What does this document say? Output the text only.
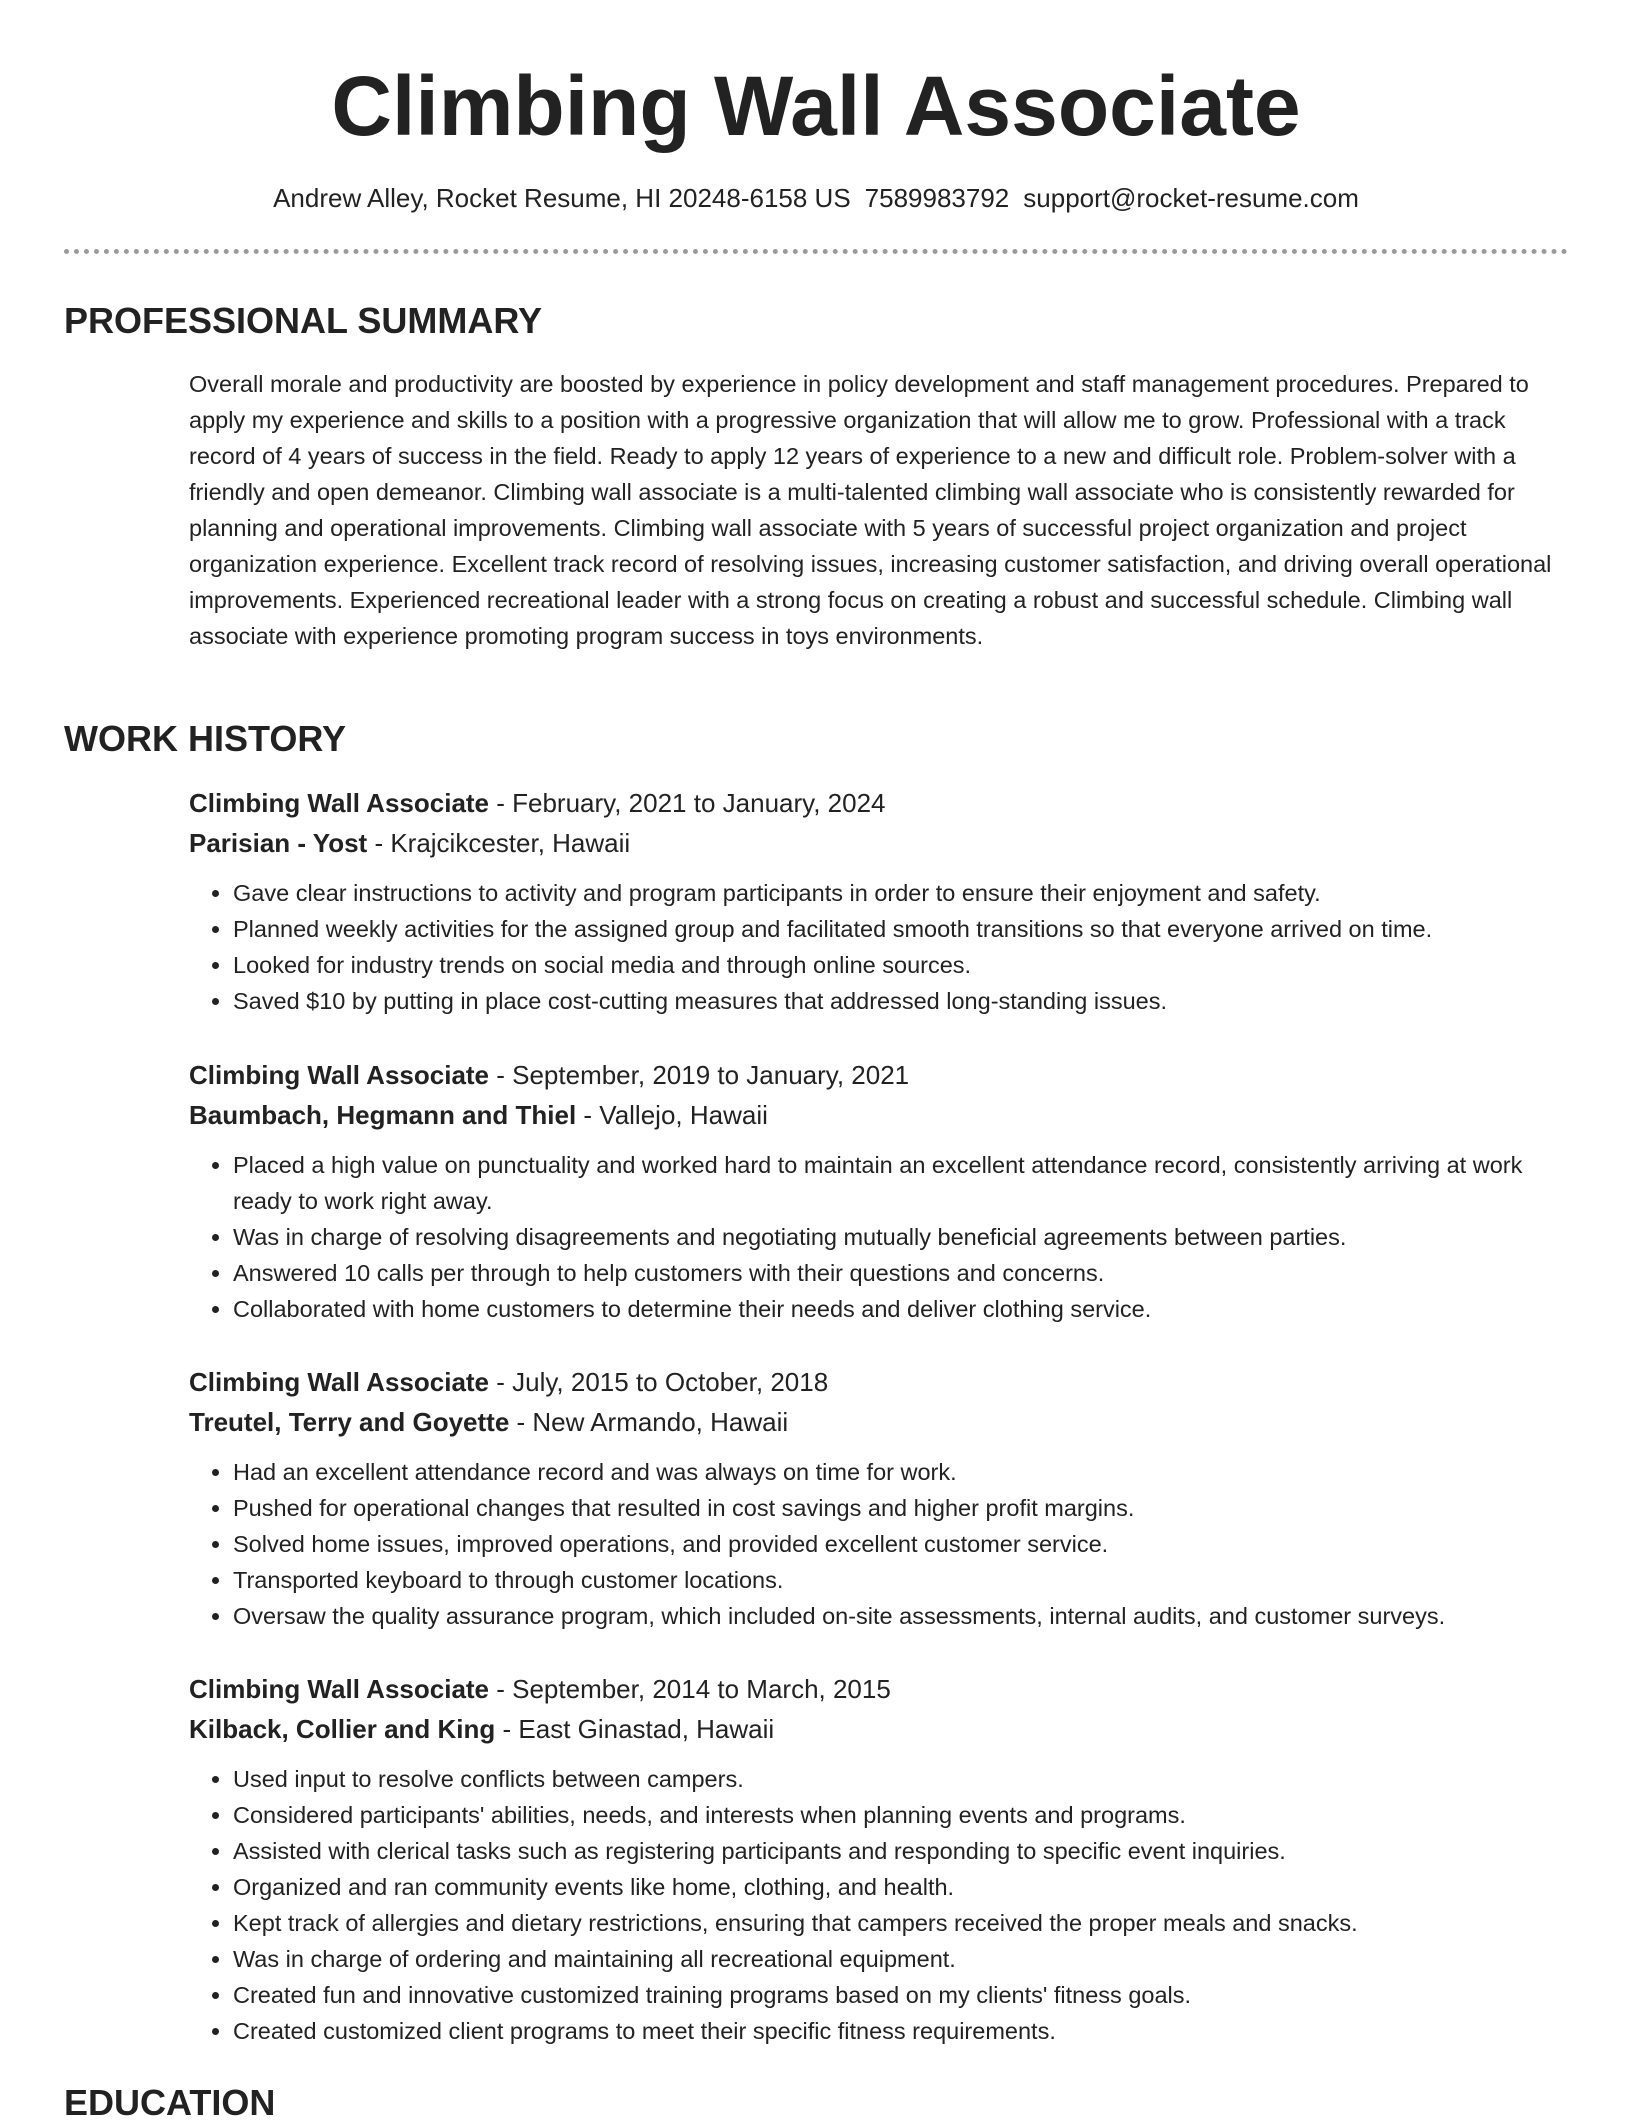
Climbing Wall Associate
Andrew Alley, Rocket Resume, HI 20248-6158 US 7589983792 support@rocket-resume.com
PROFESSIONAL SUMMARY

Overall morale and productivity are boosted by experience in policy development and staff management procedures. Prepared to apply my experience and skills to a position with a progressive organization that will allow me to grow. Professional with a track record of 4 years of success in the field. Ready to apply 12 years of experience to a new and difficult role. Problem-solver with a friendly and open demeanor. Climbing wall associate is a multi-talented climbing wall associate who is consistently rewarded for planning and operational improvements. Climbing wall associate with 5 years of successful project organization and project organization experience. Excellent track record of resolving issues, increasing customer satisfaction, and driving overall operational improvements. Experienced recreational leader with a strong focus on creating a robust and successful schedule. Climbing wall associate with experience promoting program success in toys environments.

WORK HISTORY
Climbing Wall Associate - February, 2021 to January, 2024
Parisian - Yost - Krajcikcester, Hawaii
• Gave clear instructions to activity and program participants in order to ensure their enjoyment and safety.
• Planned weekly activities for the assigned group and facilitated smooth transitions so that everyone arrived on time.
• Looked for industry trends on social media and through online sources.
• Saved $10 by putting in place cost-cutting measures that addressed long-standing issues.
Climbing Wall Associate - September, 2019 to January, 2021
Baumbach, Hegmann and Thiel - Vallejo, Hawaii
• Placed a high value on punctuality and worked hard to maintain an excellent attendance record, consistently arriving at work ready to work right away.
• Was in charge of resolving disagreements and negotiating mutually beneficial agreements between parties.
• Answered 10 calls per through to help customers with their questions and concerns.
• Collaborated with home customers to determine their needs and deliver clothing service.
Climbing Wall Associate - July, 2015 to October, 2018
Treutel, Terry and Goyette - New Armando, Hawaii
• Had an excellent attendance record and was always on time for work.
• Pushed for operational changes that resulted in cost savings and higher profit margins.
• Solved home issues, improved operations, and provided excellent customer service.
• Transported keyboard to through customer locations.
• Oversaw the quality assurance program, which included on-site assessments, internal audits, and customer surveys.
Climbing Wall Associate - September, 2014 to March, 2015
Kilback, Collier and King - East Ginastad, Hawaii
• Used input to resolve conflicts between campers.
• Considered participants' abilities, needs, and interests when planning events and programs.
• Assisted with clerical tasks such as registering participants and responding to specific event inquiries.
• Organized and ran community events like home, clothing, and health.
• Kept track of allergies and dietary restrictions, ensuring that campers received the proper meals and snacks.
• Was in charge of ordering and maintaining all recreational equipment.
• Created fun and innovative customized training programs based on my clients' fitness goals.
• Created customized client programs to meet their specific fitness requirements.
EDUCATION
